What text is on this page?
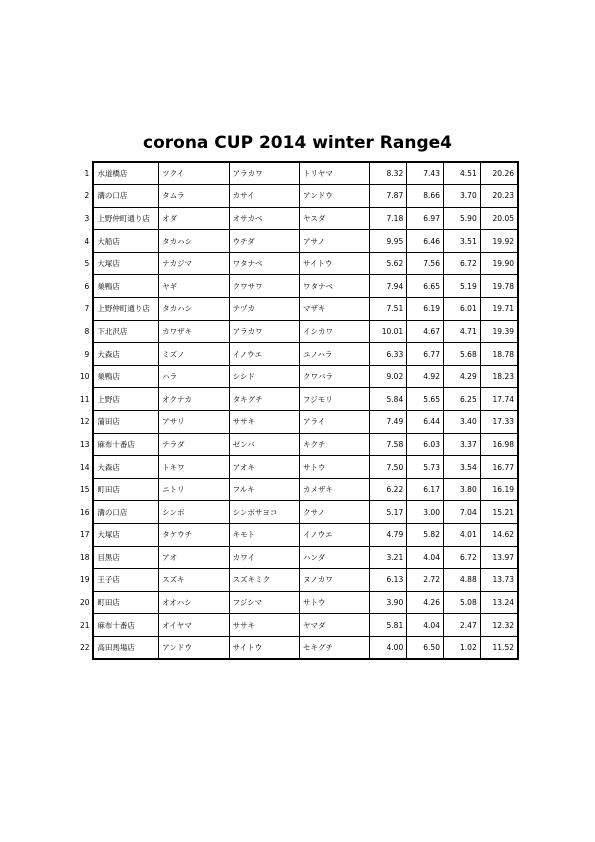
corona CUP 2014 winter Range4
1	水道橋店	ツクイ	アラカワ	トリヤマ	8.32	7.43	4.51	20.26
2	溝の口店	タムラ	カサイ	アンドウ	7.87	8.66	3.70	20.23
3	上野仲町通り店	オダ	オサカベ	ヤスダ	7.18	6.97	5.90	20.05
4	大船店	タカハシ	ウチダ	アサノ	9.95	6.46	3.51	19.92
5	大塚店	ナカジマ	ワタナベ	サイトウ	5.62	7.56	6.72	19.90
6	巣鴨店	ヤギ	クワサワ	ワタナベ	7.94	6.65	5.19	19.78
7	上野仲町通り店	タカハシ	テヅカ	マザキ	7.51	6.19	6.01	19.71
8	下北沢店	カワザキ	アラカワ	イシカワ	10.01	4.67	4.71	19.39
9	大森店	ミズノ	イノウエ	ユノハラ	6.33	6.77	5.68	18.78
10	巣鴨店	ハラ	シシド	クワバラ	9.02	4.92	4.29	18.23
11	上野店	オクナカ	タキグチ	フジモリ	5.84	5.65	6.25	17.74
12	蒲田店	アサリ	ササキ	アライ	7.49	6.44	3.40	17.33
13	麻布十番店	テラダ	ゼンバ	キクチ	7.58	6.03	3.37	16.98
14	大森店	トキワ	アオキ	サトウ	7.50	5.73	3.54	16.77
15	町田店	ニトリ	フルキ	カメザキ	6.22	6.17	3.80	16.19
16	溝の口店	シンボ	シンボサヨコ	クサノ	5.17	3.00	7.04	15.21
17	大塚店	タケウチ	キモト	イノウエ	4.79	5.82	4.01	14.62
18	目黒店	アオ	カワイ	ハンダ	3.21	4.04	6.72	13.97
19	王子店	スズキ	スズキミク	ヌノカワ	6.13	2.72	4.88	13.73
20	町田店	オオハシ	フジシマ	サトウ	3.90	4.26	5.08	13.24
21	麻布十番店	オイヤマ	ササキ	ヤマダ	5.81	4.04	2.47	12.32
22	高田馬場店	アンドウ	サイトウ	セキグチ	4.00	6.50	1.02	11.52
